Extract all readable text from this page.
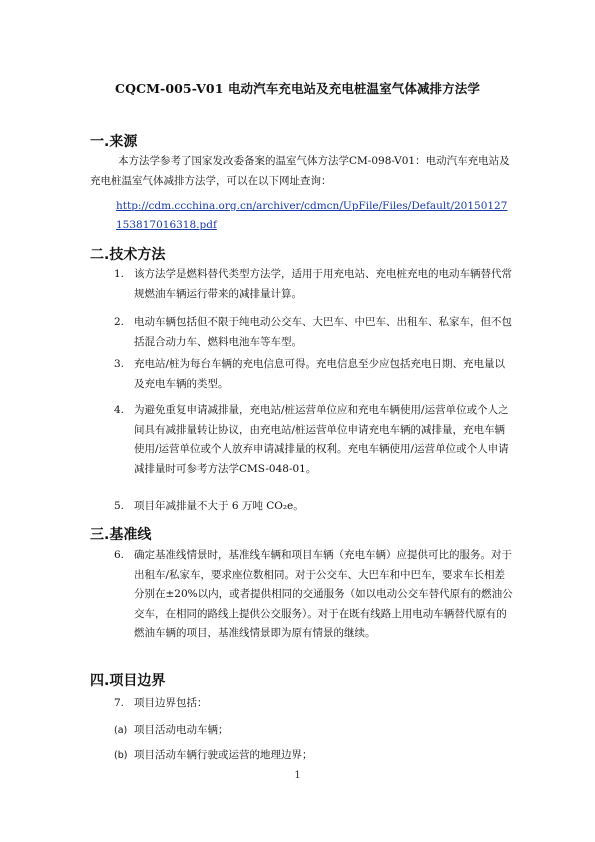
CQCM-005-V01 电动汽车充电站及充电桩温室气体减排方法学
一.来源
本方法学参考了国家发改委备案的温室气体方法学CM-098-V01：电动汽车充电站及充电桩温室气体减排方法学，可以在以下网址查询：
http://cdm.ccchina.org.cn/archiver/cdmcn/UpFile/Files/Default/20150127
153817016318.pdf
二.技术方法
1. 该方法学是燃料替代类型方法学，适用于用充电站、充电桩充电的电动车辆替代常规燃油车辆运行带来的减排量计算。
2. 电动车辆包括但不限于纯电动公交车、大巴车、中巴车、出租车、私家车，但不包括混合动力车、燃料电池车等车型。
3. 充电站/桩为每台车辆的充电信息可得。充电信息至少应包括充电日期、充电量以及充电车辆的类型。
4. 为避免重复申请减排量，充电站/桩运营单位应和充电车辆使用/运营单位或个人之间具有减排量转让协议，由充电站/桩运营单位申请充电车辆的减排量，充电车辆使用/运营单位或个人放弃申请减排量的权利。充电车辆使用/运营单位或个人申请减排量时可参考方法学CMS-048-01。
5. 项目年减排量不大于 6 万吨 CO₂e。
三.基准线
6. 确定基准线情景时，基准线车辆和项目车辆（充电车辆）应提供可比的服务。对于出租车/私家车，要求座位数相同。对于公交车、大巴车和中巴车，要求车长相差分别在±20%以内，或者提供相同的交通服务（如以电动公交车替代原有的燃油公交车，在相同的路线上提供公交服务）。对于在既有线路上用电动车辆替代原有的燃油车辆的项目，基准线情景即为原有情景的继续。
四.项目边界
7. 项目边界包括：
(a) 项目活动电动车辆；
(b) 项目活动车辆行驶或运营的地理边界；
1
